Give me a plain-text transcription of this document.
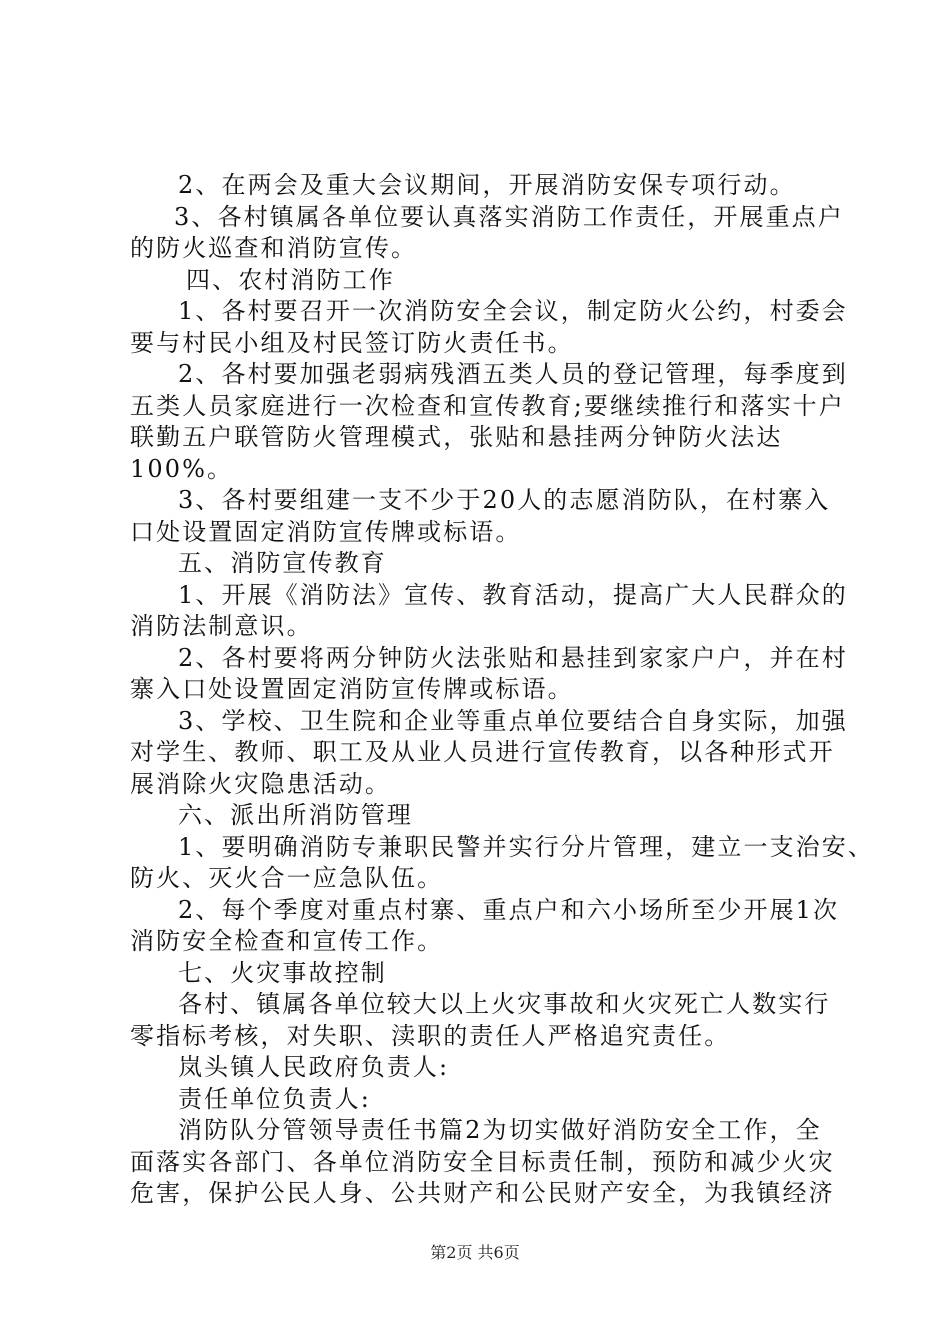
2、在两会及重大会议期间，开展消防安保专项行动。
3、各村镇属各单位要认真落实消防工作责任，开展重点户
的防火巡查和消防宣传。
四、农村消防工作
1、各村要召开一次消防安全会议，制定防火公约，村委会
要与村民小组及村民签订防火责任书。
2、各村要加强老弱病残酒五类人员的登记管理，每季度到
五类人员家庭进行一次检查和宣传教育;要继续推行和落实十户
联勤五户联管防火管理模式，张贴和悬挂两分钟防火法达
100%。
3、各村要组建一支不少于20人的志愿消防队，在村寨入
口处设置固定消防宣传牌或标语。
五、消防宣传教育
1、开展《消防法》宣传、教育活动，提高广大人民群众的
消防法制意识。
2、各村要将两分钟防火法张贴和悬挂到家家户户，并在村
寨入口处设置固定消防宣传牌或标语。
3、学校、卫生院和企业等重点单位要结合自身实际，加强
对学生、教师、职工及从业人员进行宣传教育，以各种形式开
展消除火灾隐患活动。
六、派出所消防管理
1、要明确消防专兼职民警并实行分片管理，建立一支治安、
防火、灭火合一应急队伍。
2、每个季度对重点村寨、重点户和六小场所至少开展1次
消防安全检查和宣传工作。
七、火灾事故控制
各村、镇属各单位较大以上火灾事故和火灾死亡人数实行
零指标考核，对失职、渎职的责任人严格追究责任。
岚头镇人民政府负责人:
责任单位负责人:
消防队分管领导责任书篇2为切实做好消防安全工作，全
面落实各部门、各单位消防安全目标责任制，预防和减少火灾
危害，保护公民人身、公共财产和公民财产安全，为我镇经济
第2页 共6页
